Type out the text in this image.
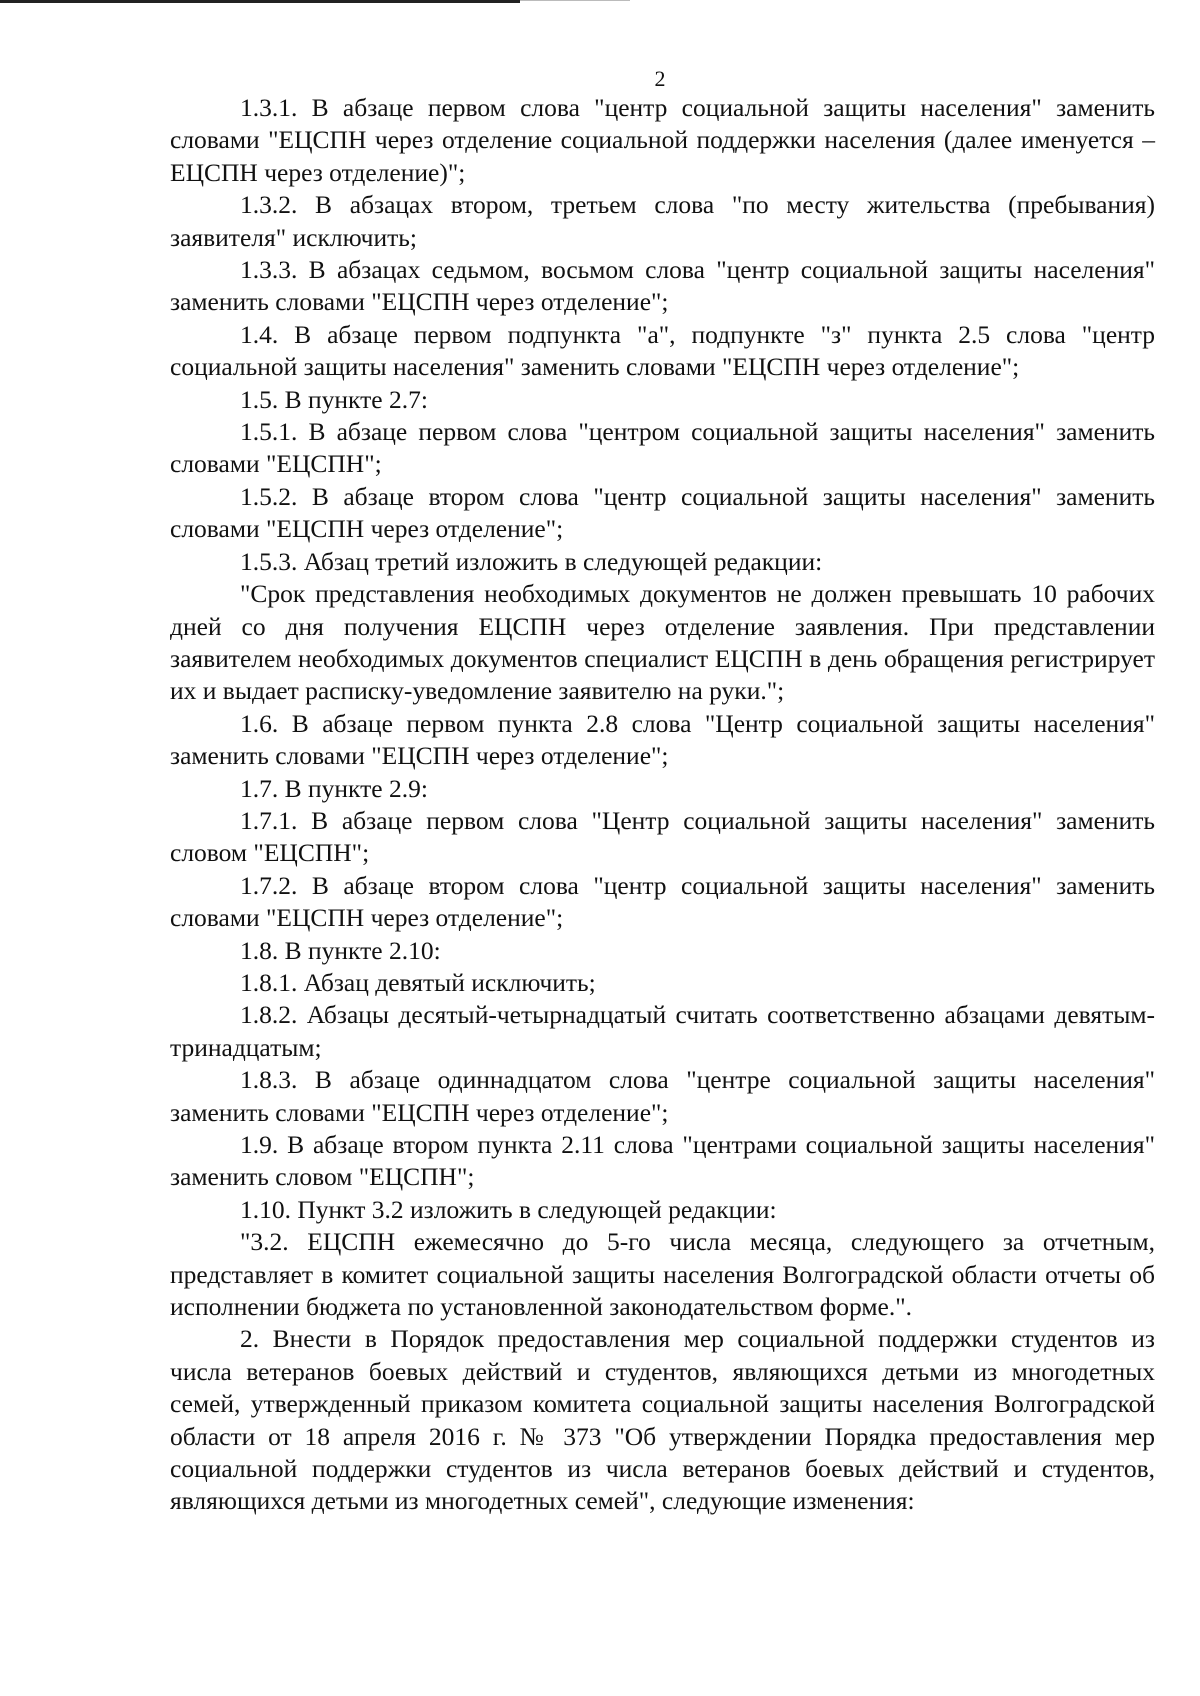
2

1.3.1. В абзаце первом слова "центр социальной защиты населения" заменить словами "ЕЦСПН через отделение социальной поддержки населения (далее именуется – ЕЦСПН через отделение)";

1.3.2. В абзацах втором, третьем слова "по месту жительства (пребывания) заявителя" исключить;

1.3.3. В абзацах седьмом, восьмом слова "центр социальной защиты населения" заменить словами "ЕЦСПН через отделение";

1.4. В абзаце первом подпункта "а", подпункте "з" пункта 2.5 слова "центр социальной защиты населения" заменить словами "ЕЦСПН через отделение";

1.5. В пункте 2.7:

1.5.1. В абзаце первом слова "центром социальной защиты населения" заменить словами "ЕЦСПН";

1.5.2. В абзаце втором слова "центр социальной защиты населения" заменить словами "ЕЦСПН через отделение";

1.5.3. Абзац третий изложить в следующей редакции:

"Срок представления необходимых документов не должен превышать 10 рабочих дней со дня получения ЕЦСПН через отделение заявления. При представлении заявителем необходимых документов специалист ЕЦСПН в день обращения регистрирует их и выдает расписку-уведомление заявителю на руки.";

1.6. В абзаце первом пункта 2.8 слова "Центр социальной защиты населения" заменить словами "ЕЦСПН через отделение";

1.7. В пункте 2.9:

1.7.1. В абзаце первом слова "Центр социальной защиты населения" заменить словом "ЕЦСПН";

1.7.2. В абзаце втором слова "центр социальной защиты населения" заменить словами "ЕЦСПН через отделение";

1.8. В пункте 2.10:

1.8.1. Абзац девятый исключить;

1.8.2. Абзацы десятый-четырнадцатый считать соответственно абзацами девятым-тринадцатым;

1.8.3. В абзаце одиннадцатом слова "центре социальной защиты населения" заменить словами "ЕЦСПН через отделение";

1.9. В абзаце втором пункта 2.11 слова "центрами социальной защиты населения" заменить словом "ЕЦСПН";

1.10. Пункт 3.2 изложить в следующей редакции:

"3.2. ЕЦСПН ежемесячно до 5-го числа месяца, следующего за отчетным, представляет в комитет социальной защиты населения Волгоградской области отчеты об исполнении бюджета по установленной законодательством форме.".

2. Внести в Порядок предоставления мер социальной поддержки студентов из числа ветеранов боевых действий и студентов, являющихся детьми из многодетных семей, утвержденный приказом комитета социальной защиты населения Волгоградской области от 18 апреля 2016 г. № 373 "Об утверждении Порядка предоставления мер социальной поддержки студентов из числа ветеранов боевых действий и студентов, являющихся детьми из многодетных семей", следующие изменения:
